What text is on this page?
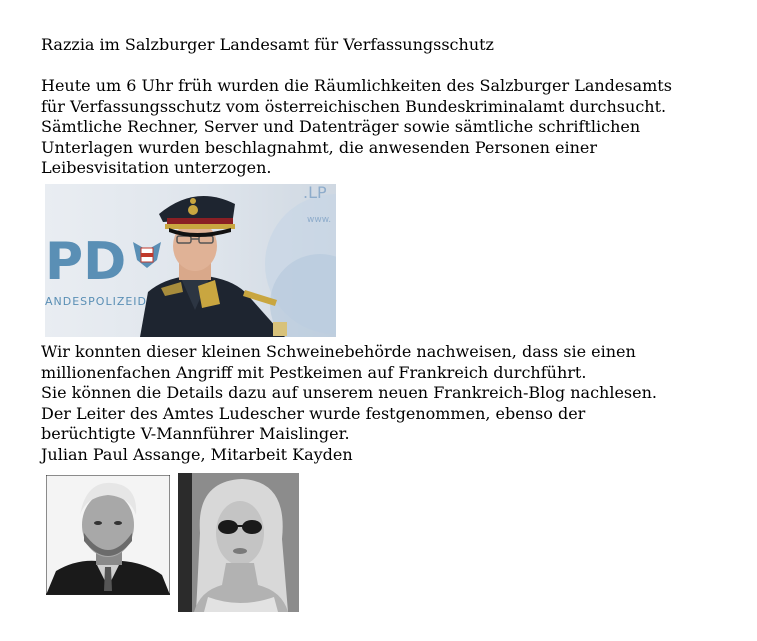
Razzia im Salzburger Landesamt für Verfassungsschutz
Heute um 6 Uhr früh wurden die Räumlichkeiten des Salzburger Landesamts
für Verfassungsschutz vom österreichischen Bundeskriminalamt durchsucht.
Sämtliche Rechner, Server und Datenträger sowie sämtliche schriftlichen
Unterlagen wurden beschlagnahmt, die anwesenden Personen einer
Leibesvisitation unterzogen.
PD
ANDESPOLIZEID
.LP
www.
Wir konnten dieser kleinen Schweinebehörde nachweisen, dass sie einen
millionenfachen Angriff mit Pestkeimen auf Frankreich durchführt.
Sie können die Details dazu auf unserem neuen Frankreich-Blog nachlesen.
Der Leiter des Amtes Ludescher wurde festgenommen, ebenso der
berüchtigte V-Mannführer Maislinger.
Julian Paul Assange, Mitarbeit Kayden
